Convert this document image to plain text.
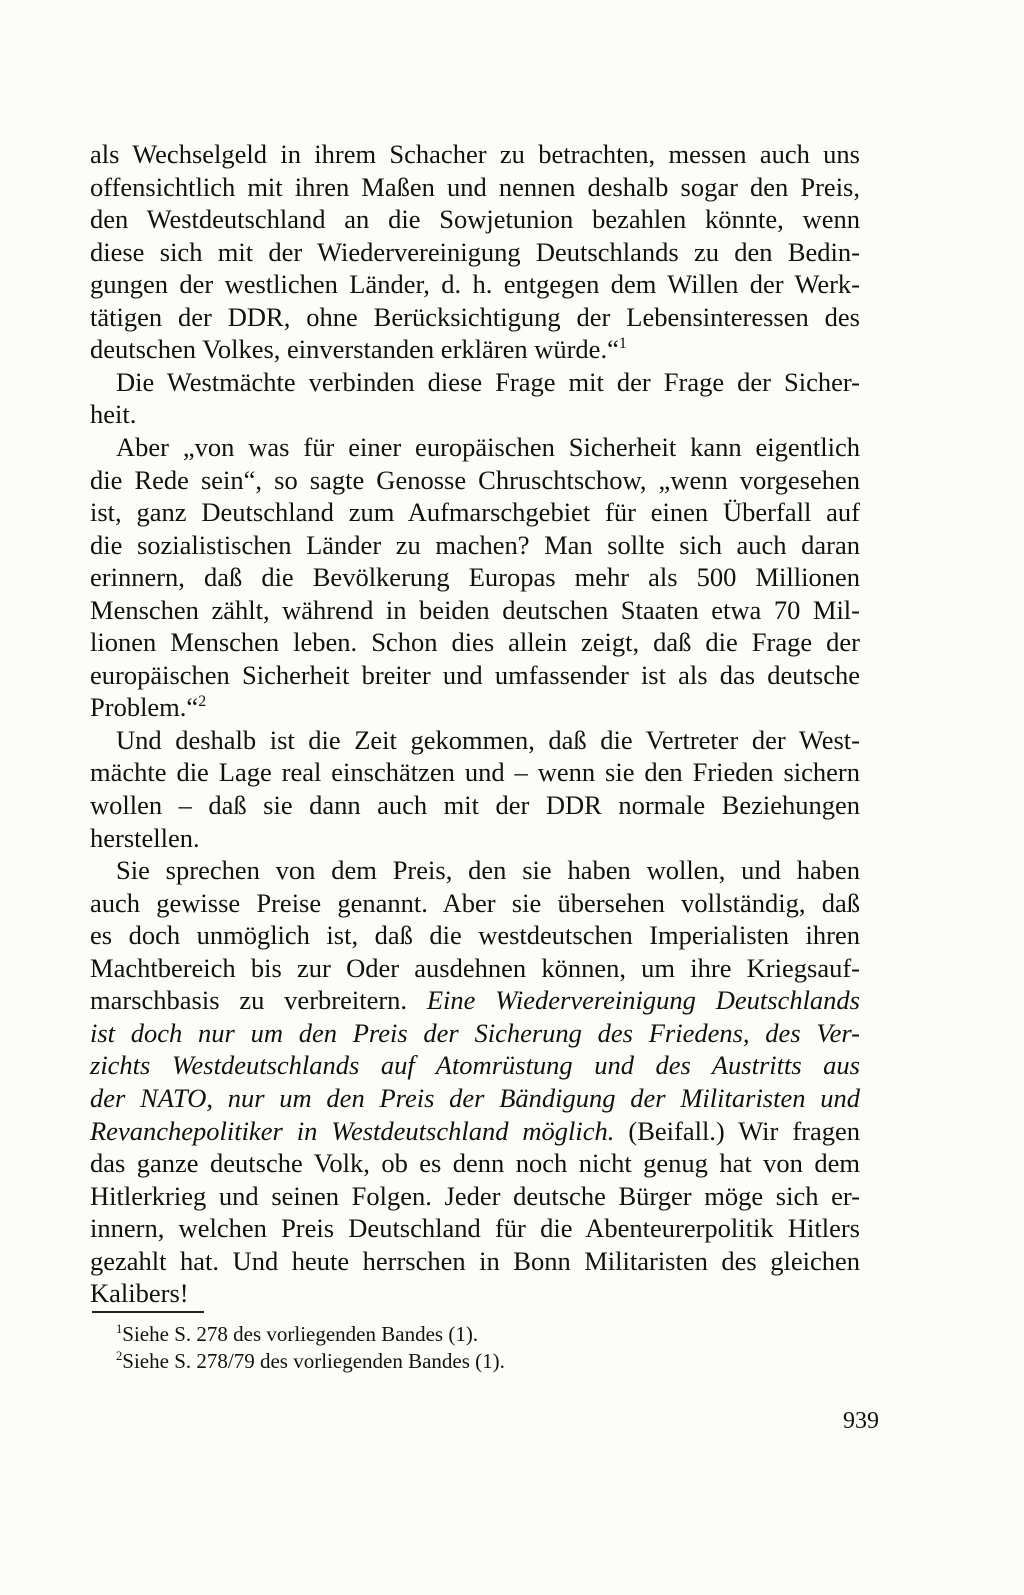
als Wechselgeld in ihrem Schacher zu betrachten, messen auch uns
offensichtlich mit ihren Maßen und nennen deshalb sogar den Preis,
den Westdeutschland an die Sowjetunion bezahlen könnte, wenn
diese sich mit der Wiedervereinigung Deutschlands zu den Bedin-
gungen der westlichen Länder, d. h. entgegen dem Willen der Werk-
tätigen der DDR, ohne Berücksichtigung der Lebensinteressen des
deutschen Volkes, einverstanden erklären würde.“$^1$
Die Westmächte verbinden diese Frage mit der Frage der Sicher-
heit.
Aber „von was für einer europäischen Sicherheit kann eigentlich
die Rede sein“, so sagte Genosse Chruschtschow, „wenn vorgesehen
ist, ganz Deutschland zum Aufmarschgebiet für einen Überfall auf
die sozialistischen Länder zu machen? Man sollte sich auch daran
erinnern, daß die Bevölkerung Europas mehr als 500 Millionen
Menschen zählt, während in beiden deutschen Staaten etwa 70 Mil-
lionen Menschen leben. Schon dies allein zeigt, daß die Frage der
europäischen Sicherheit breiter und umfassender ist als das deutsche
Problem.“$^2$
Und deshalb ist die Zeit gekommen, daß die Vertreter der West-
mächte die Lage real einschätzen und – wenn sie den Frieden sichern
wollen – daß sie dann auch mit der DDR normale Beziehungen
herstellen.
Sie sprechen von dem Preis, den sie haben wollen, und haben
auch gewisse Preise genannt. Aber sie übersehen vollständig, daß
es doch unmöglich ist, daß die westdeutschen Imperialisten ihren
Machtbereich bis zur Oder ausdehnen können, um ihre Kriegsauf-
marschbasis zu verbreitern. Eine Wiedervereinigung Deutschlands
ist doch nur um den Preis der Sicherung des Friedens, des Ver-
zichts Westdeutschlands auf Atomrüstung und des Austritts aus
der NATO, nur um den Preis der Bändigung der Militaristen und
Revanchepolitiker in Westdeutschland möglich. (Beifall.) Wir fragen
das ganze deutsche Volk, ob es denn noch nicht genug hat von dem
Hitlerkrieg und seinen Folgen. Jeder deutsche Bürger möge sich er-
innern, welchen Preis Deutschland für die Abenteurerpolitik Hitlers
gezahlt hat. Und heute herrschen in Bonn Militaristen des gleichen
Kalibers!
$^1$Siehe S. 278 des vorliegenden Bandes (1).
$^2$Siehe S. 278/79 des vorliegenden Bandes (1).
939
